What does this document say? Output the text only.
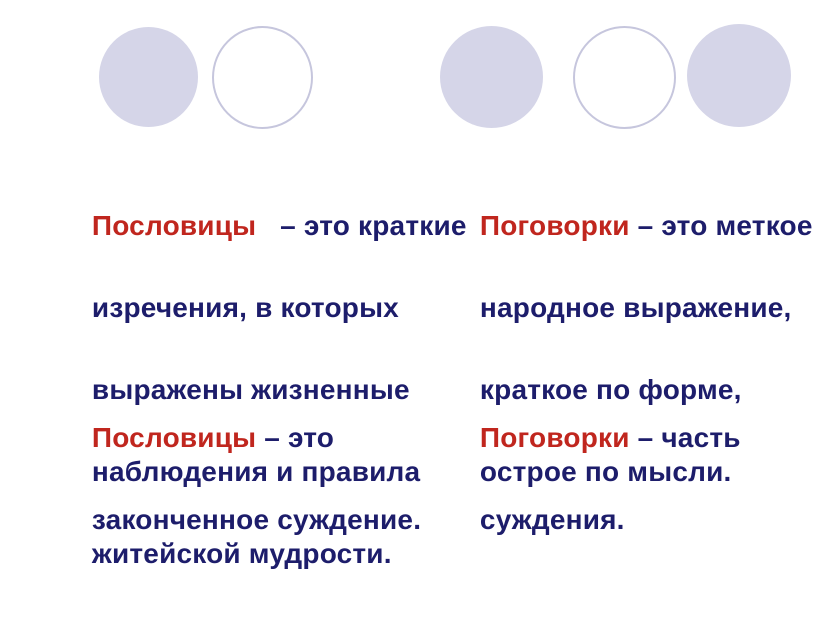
Пословицы   – это краткие

изречения, в которых

выражены жизненные

наблюдения и правила

житейской мудрости.

Пословицы – это

законченное суждение.

Поговорки – это меткое

народное выражение,

краткое по форме,

острое по мысли.

Поговорки – часть

суждения.
